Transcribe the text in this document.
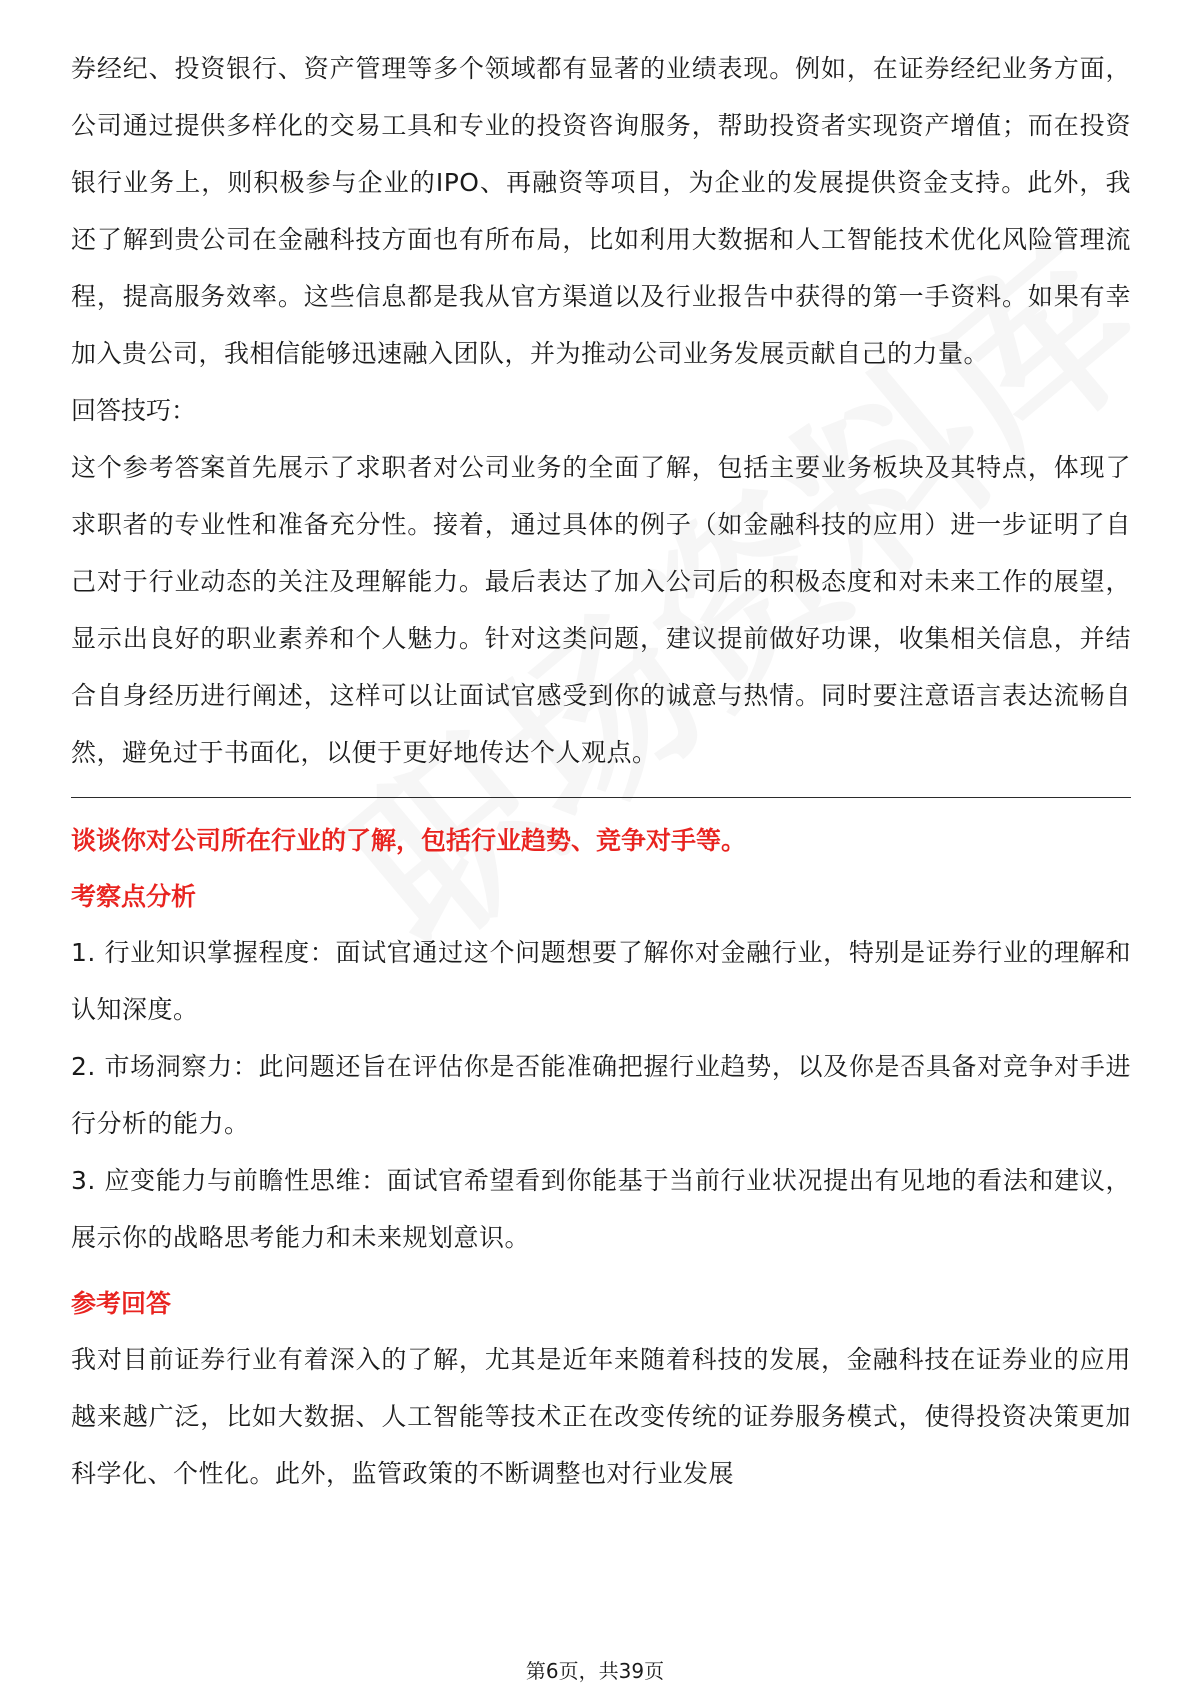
券经纪、投资银行、资产管理等多个领域都有显著的业绩表现。例如，在证券经纪业务方面，公司通过提供多样化的交易工具和专业的投资咨询服务，帮助投资者实现资产增值；而在投资银行业务上，则积极参与企业的IPO、再融资等项目，为企业的发展提供资金支持。此外，我还了解到贵公司在金融科技方面也有所布局，比如利用大数据和人工智能技术优化风险管理流程，提高服务效率。这些信息都是我从官方渠道以及行业报告中获得的第一手资料。如果有幸加入贵公司，我相信能够迅速融入团队，并为推动公司业务发展贡献自己的力量。

回答技巧：

这个参考答案首先展示了求职者对公司业务的全面了解，包括主要业务板块及其特点，体现了求职者的专业性和准备充分性。接着，通过具体的例子（如金融科技的应用）进一步证明了自己对于行业动态的关注及理解能力。最后表达了加入公司后的积极态度和对未来工作的展望，显示出良好的职业素养和个人魅力。针对这类问题，建议提前做好功课，收集相关信息，并结合自身经历进行阐述，这样可以让面试官感受到你的诚意与热情。同时要注意语言表达流畅自然，避免过于书面化，以便于更好地传达个人观点。

谈谈你对公司所在行业的了解，包括行业趋势、竞争对手等。

考察点分析

1. 行业知识掌握程度：面试官通过这个问题想要了解你对金融行业，特别是证券行业的理解和认知深度。

2. 市场洞察力：此问题还旨在评估你是否能准确把握行业趋势，以及你是否具备对竞争对手进行分析的能力。

3. 应变能力与前瞻性思维：面试官希望看到你能基于当前行业状况提出有见地的看法和建议，展示你的战略思考能力和未来规划意识。

参考回答

我对目前证券行业有着深入的了解，尤其是近年来随着科技的发展，金融科技在证券业的应用越来越广泛，比如大数据、人工智能等技术正在改变传统的证券服务模式，使得投资决策更加科学化、个性化。此外，监管政策的不断调整也对行业发展

第6页，共39页
